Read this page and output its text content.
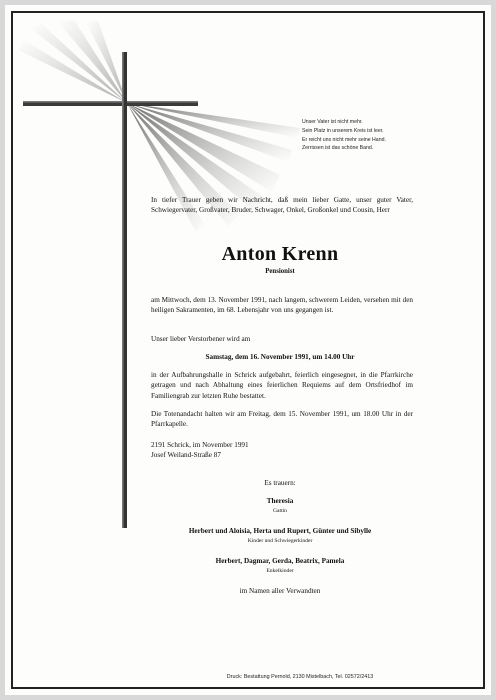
Unser Vater ist nicht mehr.
Sein Platz in unserem Kreis ist leer.
Er reicht uns nicht mehr seine Hand.
Zerrissen ist das schöne Band.
In tiefer Trauer geben wir Nachricht, daß mein lieber Gatte, unser guter Vater, Schwiegervater, Großvater, Bruder, Schwager, Onkel, Großonkel und Cousin, Herr
Anton Krenn
Pensionist
am Mittwoch, dem 13. November 1991, nach langem, schwerem Leiden, versehen mit den heiligen Sakramenten, im 68. Lebensjahr von uns gegangen ist.
Unser lieber Verstorbener wird am
Samstag, dem 16. November 1991, um 14.00 Uhr
in der Aufbahrungshalle in Schrick aufgebahrt, feierlich eingesegnet, in die Pfarrkirche getragen und nach Abhaltung eines feierlichen Requiems auf dem Ortsfriedhof im Familiengrab zur letzten Ruhe bestattet.
Die Totenandacht halten wir am Freitag, dem 15. November 1991, um 18.00 Uhr in der Pfarrkapelle.
2191 Schrick, im November 1991
Josef Weiland-Straße 87
Es trauern:
Theresia
Gattin
Herbert und Aloisia, Herta und Rupert, Günter und Sibylle
Kinder und Schwiegerkinder
Herbert, Dagmar, Gerda, Beatrix, Pamela
Enkelkinder
im Namen aller Verwandten
Druck: Bestattung Pernold, 2130 Mistelbach, Tel. 02572/2413
